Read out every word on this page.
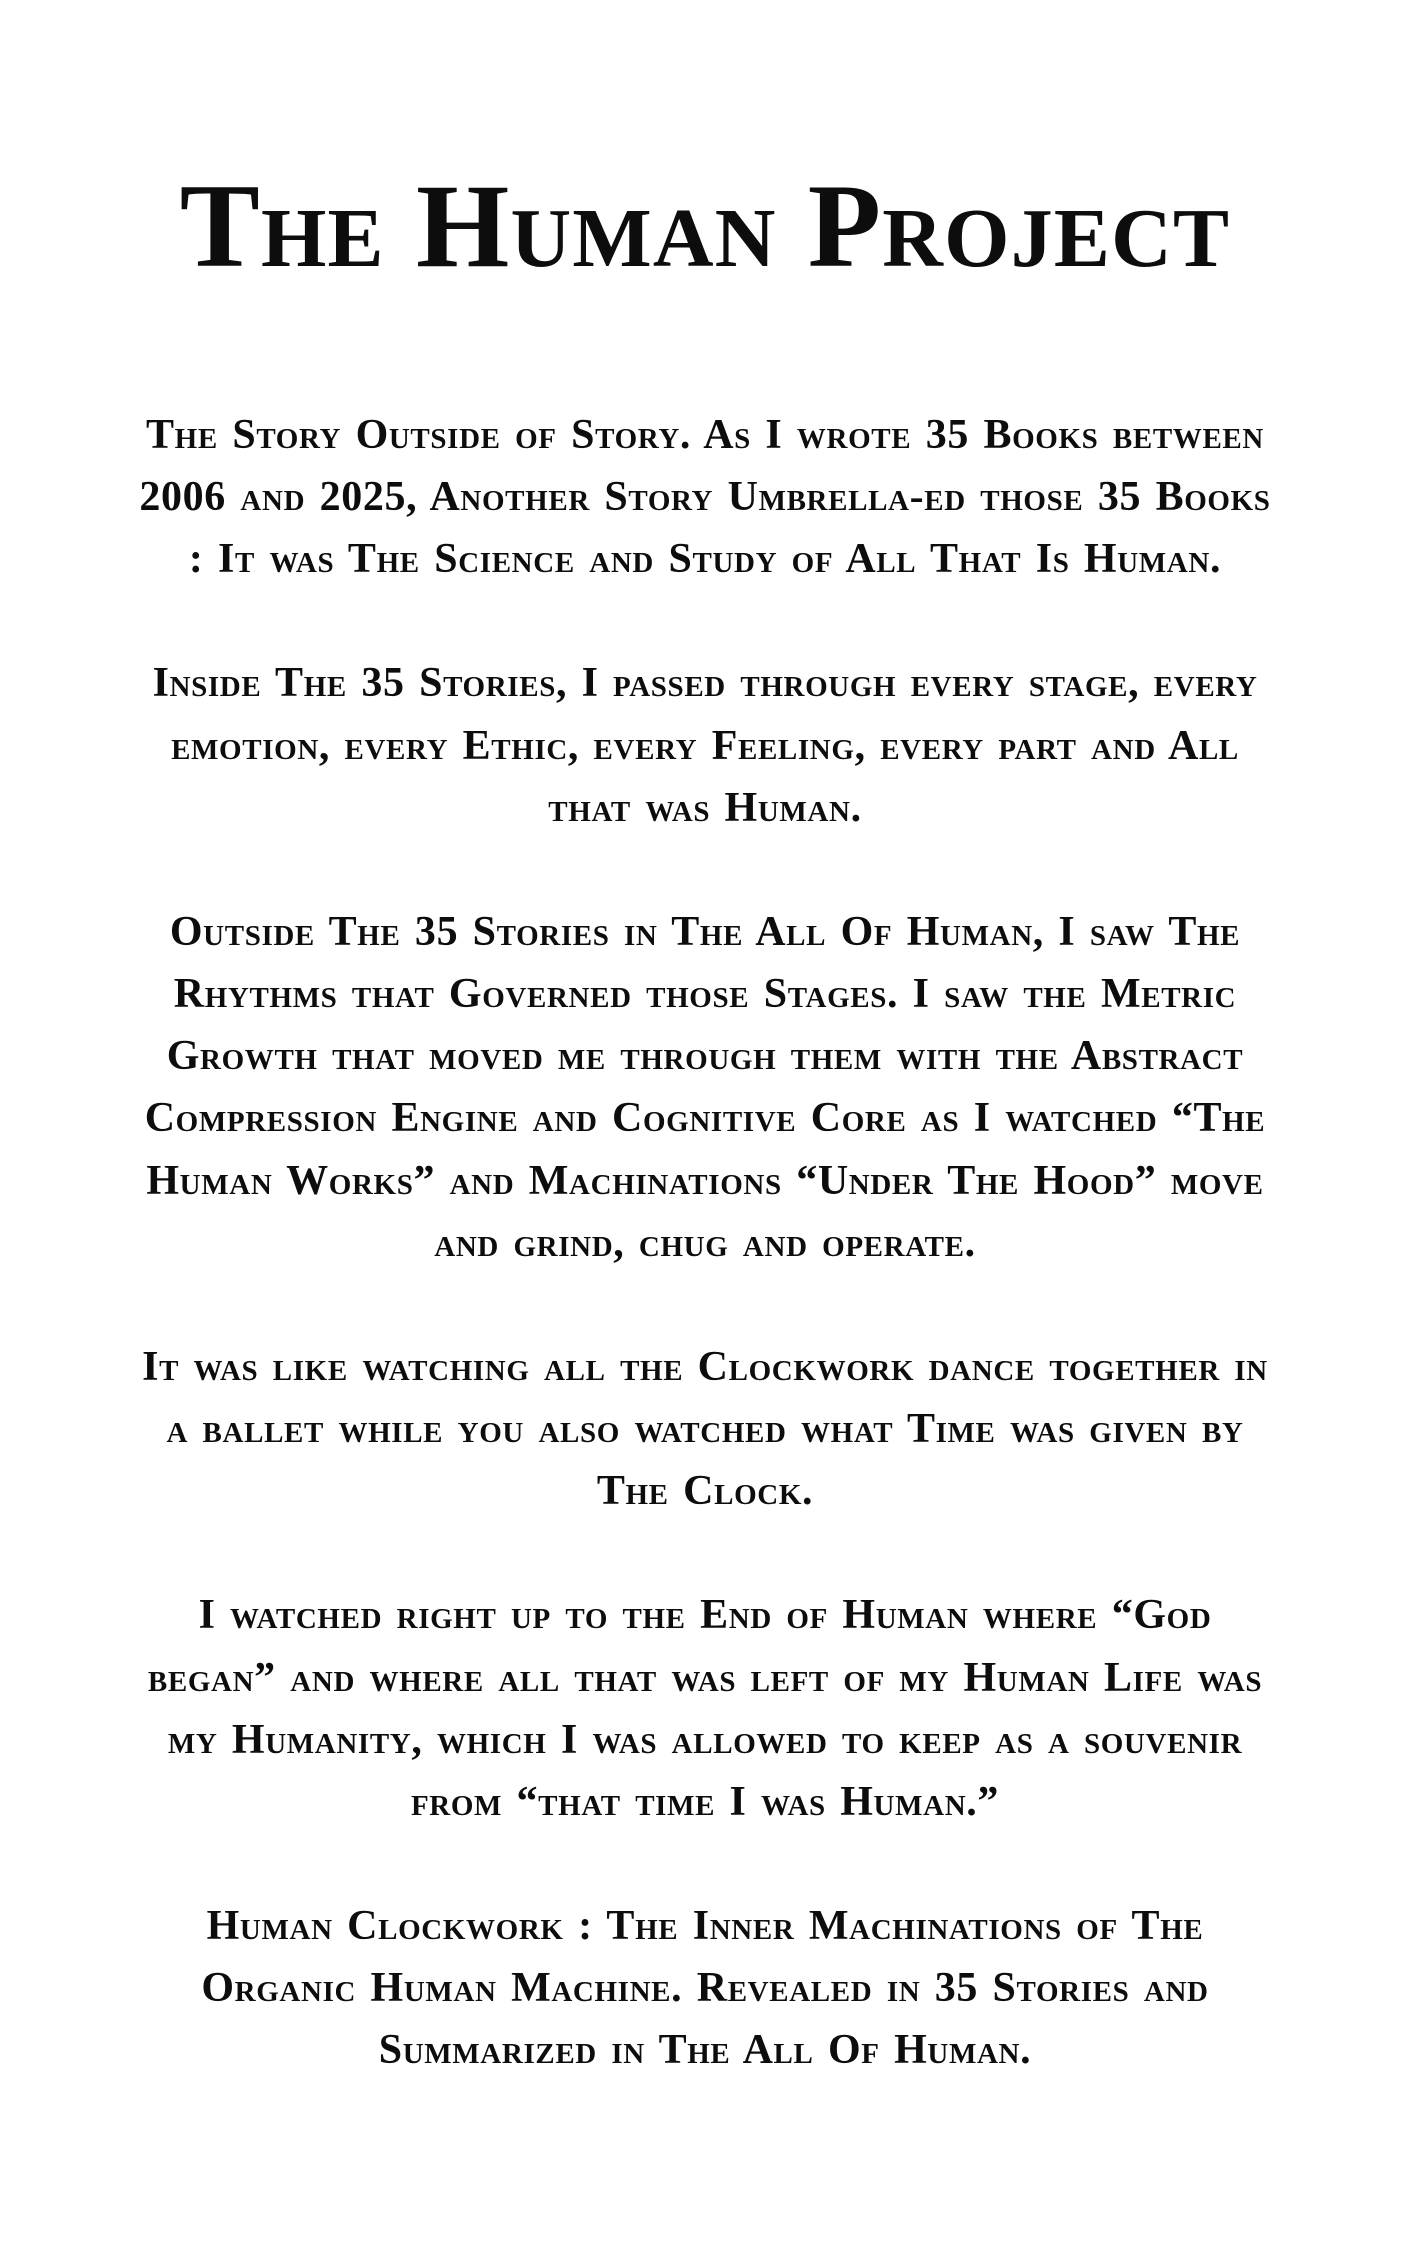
The Human Project

The Story Outside of Story. As I wrote 35 Books between 2006 and 2025, Another Story Umbrella-ed those 35 Books : It was The Science and Study of All That Is Human.

Inside The 35 Stories, I passed through every stage, every emotion, every Ethic, every Feeling, every part and All that was Human.

Outside The 35 Stories in The All Of Human, I saw The Rhythms that Governed those Stages. I saw the Metric Growth that moved me through them with the Abstract Compression Engine and Cognitive Core as I watched “The Human Works” and Machinations “Under The Hood” move and grind, chug and operate.

It was like watching all the Clockwork dance together in a ballet while you also watched what Time was given by The Clock.

I watched right up to the End of Human where “God began” and where all that was left of my Human Life was my Humanity, which I was allowed to keep as a souvenir from “that time I was Human.”

Human Clockwork : The Inner Machinations of The Organic Human Machine. Revealed in 35 Stories and Summarized in The All Of Human.
